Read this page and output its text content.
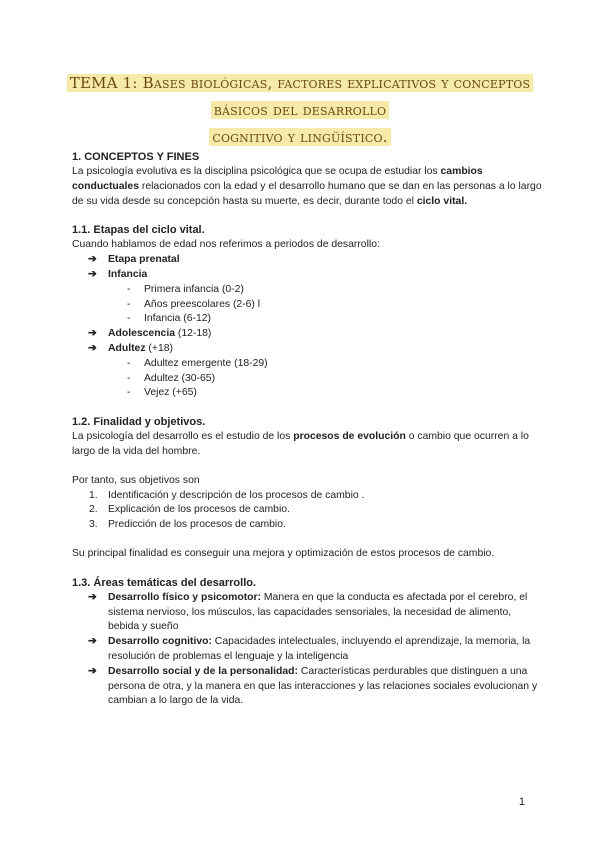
TEMA 1: Bases biológicas, factores explicativos y conceptos básicos del desarrollo
cognitivo y lingüístico.
1. CONCEPTOS Y FINES

La psicología evolutiva es la disciplina psicológica que se ocupa de estudiar los cambios conductuales relacionados con la edad y el desarrollo humano que se dan en las personas a lo largo de su vida desde su concepción hasta su muerte, es decir, durante todo el ciclo vital.

1.1. Etapas del ciclo vital.

Cuando hablamos de edad nos referimos a periodos de desarrollo:

➔ Etapa prenatal
➔ Infancia
- Primera infancia (0-2)
- Años preescolares (2-6) l
- Infancia (6-12)
➔ Adolescencia (12-18)
➔ Adultez (+18)
- Adultez emergente (18-29)
- Adultez (30-65)
- Vejez (+65)
1.2. Finalidad y objetivos.

La psicología del desarrollo es el estudio de los procesos de evolución o cambio que ocurren a lo largo de la vida del hombre.

Por tanto, sus objetivos son

1. Identificación y descripción de los procesos de cambio .
2. Explicación de los procesos de cambio.
3. Predicción de los procesos de cambio.

Su principal finalidad es conseguir una mejora y optimización de estos procesos de cambio.

1.3. Áreas temáticas del desarrollo.
➔ Desarrollo físico y psicomotor: Manera en que la conducta es afectada por el cerebro, el sistema nervioso, los músculos, las capacidades sensoriales, la necesidad de alimento, bebida y sueño
➔ Desarrollo cognitivo: Capacidades intelectuales, incluyendo el aprendizaje, la memoria, la resolución de problemas el lenguaje y la inteligencia
➔ Desarrollo social y de la personalidad: Características perdurables que distinguen a una persona de otra, y la manera en que las interacciones y las relaciones sociales evolucionan y cambian a lo largo de la vida.
1
